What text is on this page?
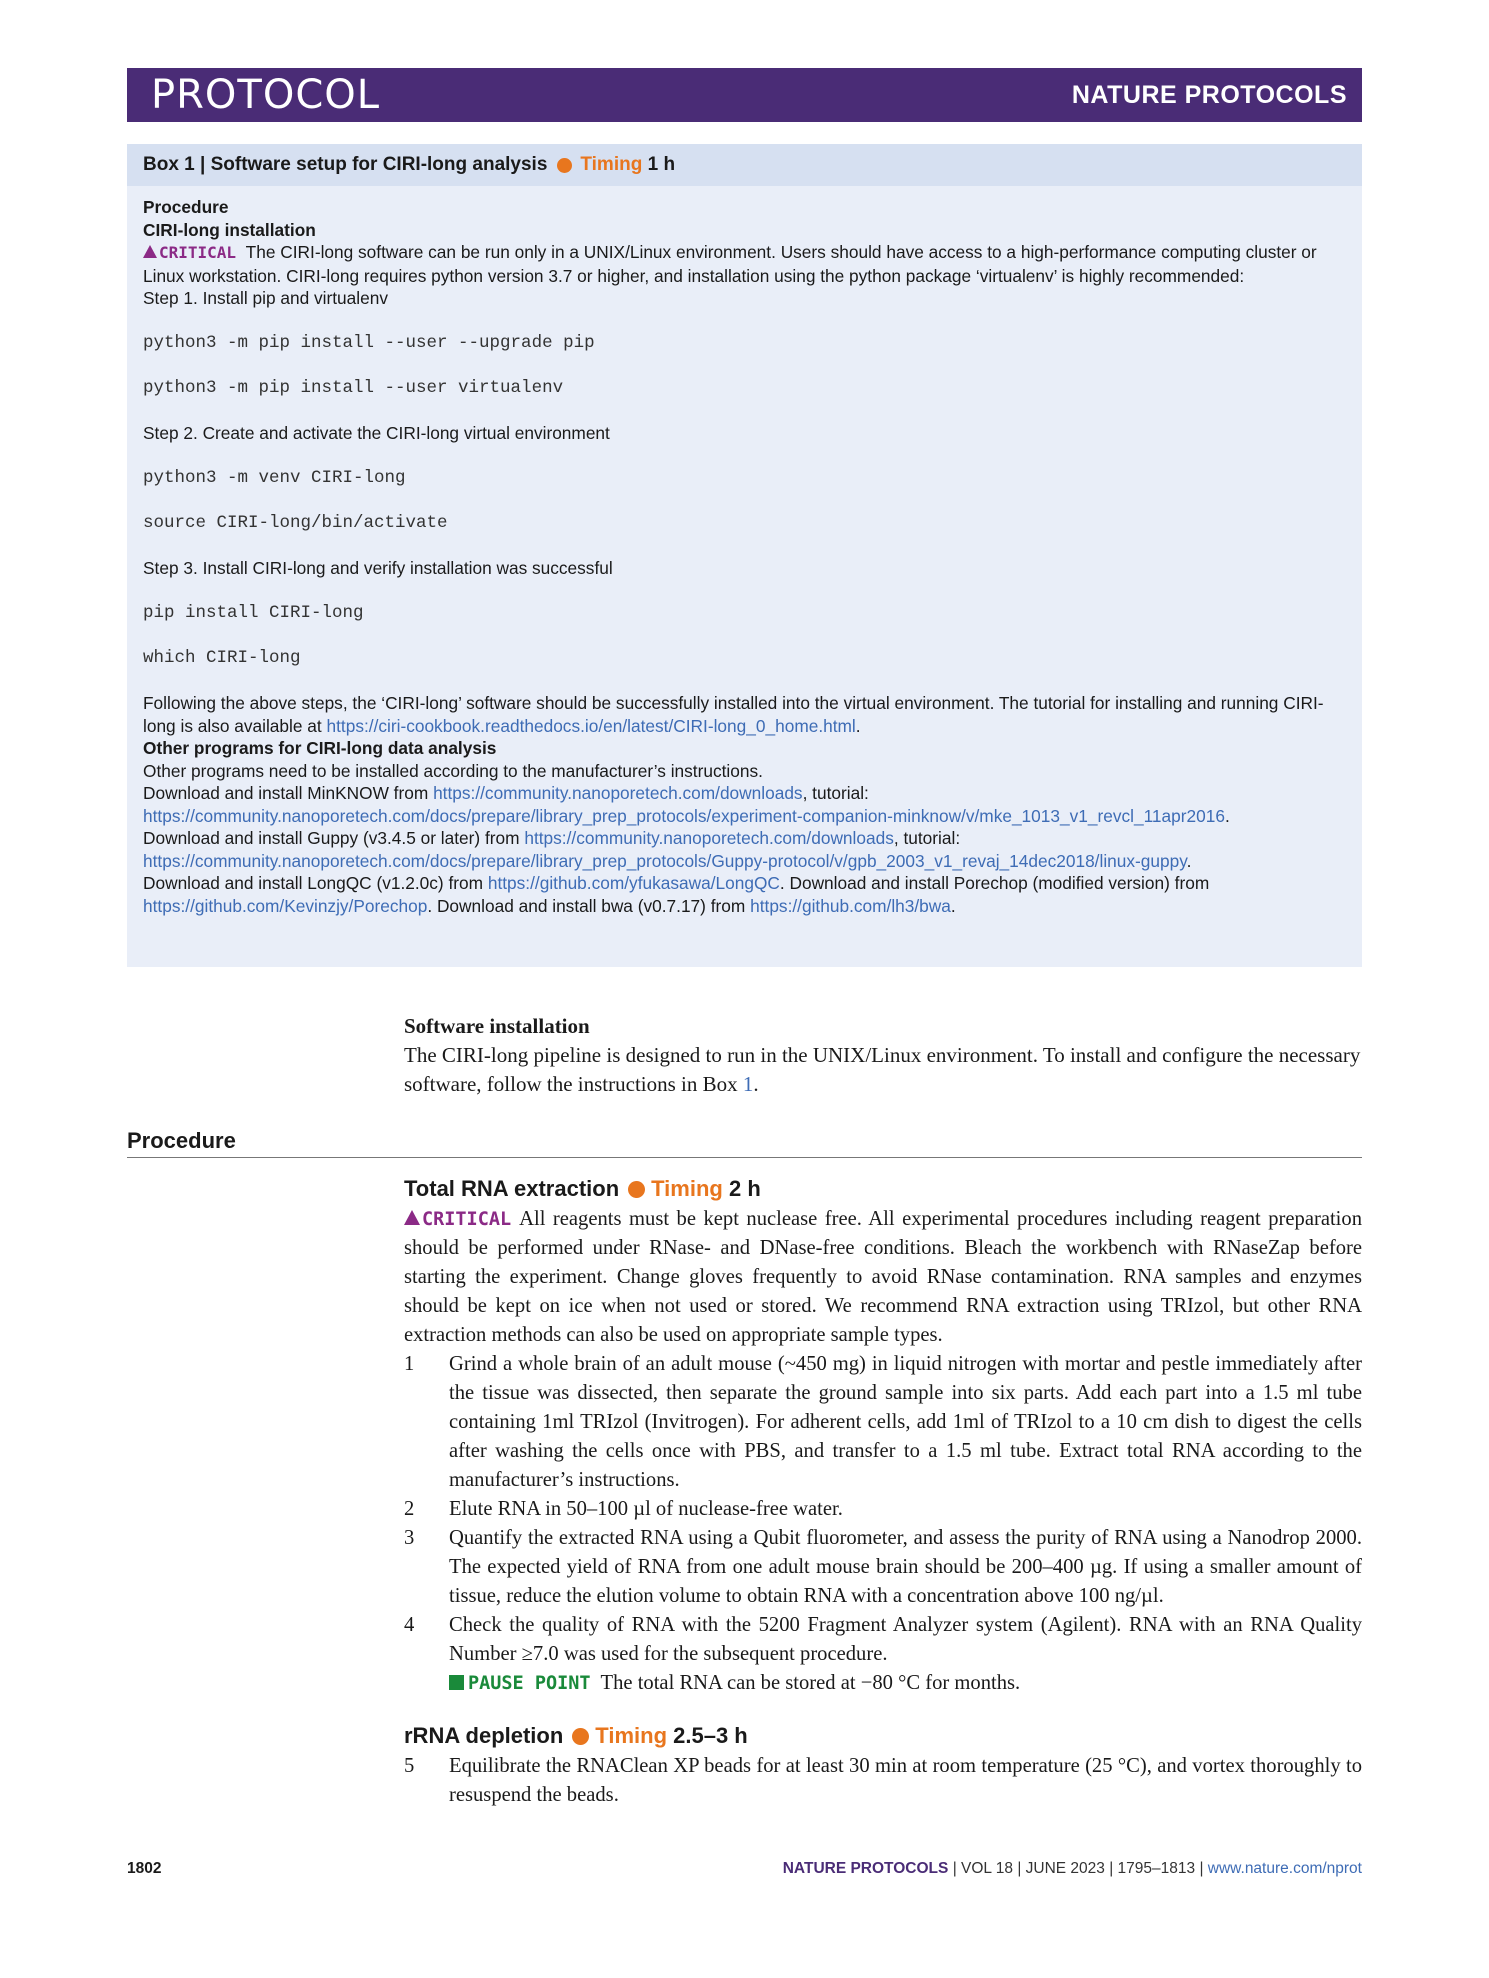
PROTOCOL	NATURE PROTOCOLS
Box 1 | Software setup for CIRI-long analysis Timing
1 h
Procedure
CIRI-long installation
CRITICAL The CIRI-long software can be run only in a UNIX/Linux environment. Users should have access to a high-performance computing cluster or Linux workstation. CIRI-long requires python version 3.7 or higher, and installation using the python package ‘virtualenv’ is highly recommended:
Step 1. Install pip and virtualenv
python3 -m pip install --user --upgrade pip
python3 -m pip install --user virtualenv
Step 2. Create and activate the CIRI-long virtual environment
python3 -m venv CIRI-long
source CIRI-long/bin/activate
Step 3. Install CIRI-long and verify installation was successful
pip install CIRI-long
which CIRI-long
Following the above steps, the ‘CIRI-long’ software should be successfully installed into the virtual environment. The tutorial for installing and running CIRI-long is also available at https://ciri-cookbook.readthedocs.io/en/latest/CIRI-long_0_home.html.
Other programs for CIRI-long data analysis
Other programs need to be installed according to the manufacturer’s instructions.
Download and install MinKNOW from https://community.nanoporetech.com/downloads, tutorial: https://community.nanoporetech.com/docs/prepare/library_prep_protocols/experiment-companion-minknow/v/mke_1013_v1_revcl_11apr2016.
Download and install Guppy (v3.4.5 or later) from https://community.nanoporetech.com/downloads, tutorial: https://community.nanoporetech.com/docs/prepare/library_prep_protocols/Guppy-protocol/v/gpb_2003_v1_revaj_14dec2018/linux-guppy.
Download and install LongQC (v1.2.0c) from https://github.com/yfukasawa/LongQC. Download and install Porechop (modified version) from https://github.com/Kevinzjy/Porechop. Download and install bwa (v0.7.17) from https://github.com/lh3/bwa.
Software installation
The CIRI-long pipeline is designed to run in the UNIX/Linux environment. To install and configure the necessary software, follow the instructions in Box 1.
Procedure
Total RNA extraction Timing 2 h
CRITICAL All reagents must be kept nuclease free. All experimental procedures including reagent preparation should be performed under RNase- and DNase-free conditions. Bleach the workbench with RNaseZap before starting the experiment. Change gloves frequently to avoid RNase contamination. RNA samples and enzymes should be kept on ice when not used or stored. We recommend RNA extraction using TRIzol, but other RNA extraction methods can also be used on appropriate sample types.
1	Grind a whole brain of an adult mouse (~450 mg) in liquid nitrogen with mortar and pestle immediately after the tissue was dissected, then separate the ground sample into six parts. Add each part into a 1.5 ml tube containing 1ml TRIzol (Invitrogen). For adherent cells, add 1ml of TRIzol to a 10 cm dish to digest the cells after washing the cells once with PBS, and transfer to a 1.5 ml tube. Extract total RNA according to the manufacturer’s instructions.
2	Elute RNA in 50–100 µl of nuclease-free water.
3	Quantify the extracted RNA using a Qubit fluorometer, and assess the purity of RNA using a Nanodrop 2000. The expected yield of RNA from one adult mouse brain should be 200–400 µg. If using a smaller amount of tissue, reduce the elution volume to obtain RNA with a concentration above 100 ng/µl.
4	Check the quality of RNA with the 5200 Fragment Analyzer system (Agilent). RNA with an RNA Quality Number ≥7.0 was used for the subsequent procedure.
PAUSE POINT The total RNA can be stored at −80 °C for months.
rRNA depletion Timing 2.5–3 h
5	Equilibrate the RNAClean XP beads for at least 30 min at room temperature (25 °C), and vortex thoroughly to resuspend the beads.
1802	NATURE PROTOCOLS | VOL 18 | JUNE 2023 | 1795–1813 | www.nature.com/nprot
